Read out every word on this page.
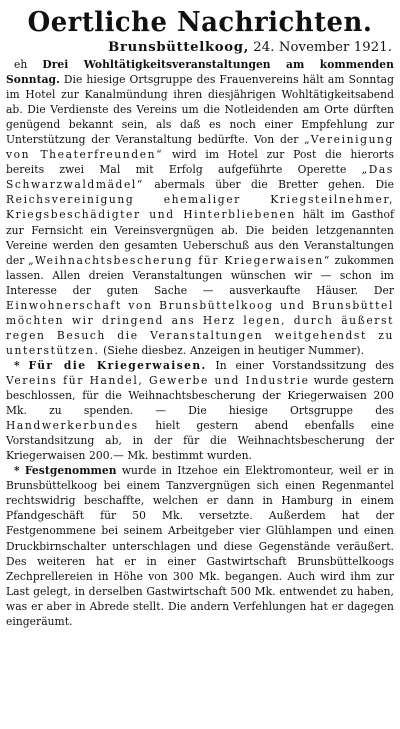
Oertliche Nachrichten.
Brunsbüttelkoog, 24. November 1921.

eh Drei Wohltätigkeitsveranstaltungen am kommenden Sonntag. Die hiesige Ortsgruppe des Frauenvereins hält am Sonntag im Hotel zur Kanalmündung ihren diesjährigen Wohltätigkeitsabend ab. Die Verdienste des Vereins um die Notleidenden am Orte dürften genügend bekannt sein, als daß es noch einer Empfehlung zur Unterstützung der Veranstaltung bedürfte. Von der „Vereinigung von Theaterfreunden“ wird im Hotel zur Post die hierorts bereits zwei Mal mit Erfolg aufgeführte Operette „Das Schwarzwaldmädel“ abermals über die Bretter gehen. Die Reichsvereinigung ehemaliger Kriegsteilnehmer, Kriegsbeschädigter und Hinterbliebenen hält im Gasthof zur Fernsicht ein Vereinsvergnügen ab. Die beiden letzgenannten Vereine werden den gesamten Ueberschuß aus den Veranstaltungen der „Weihnachtsbescherung für Kriegerwaisen“ zukommen lassen. Allen dreien Veranstaltungen wünschen wir — schon im Interesse der guten Sache — ausverkaufte Häuser. Der Einwohnerschaft von Brunsbüttelkoog und Brunsbüttel möchten wir dringend ans Herz legen, durch äußerst regen Besuch die Veranstaltungen weitgehendst zu unterstützen. (Siehe diesbez. Anzeigen in heutiger Nummer).

* Für die Kriegerwaisen. In einer Vorstandssitzung des Vereins für Handel, Gewerbe und Industrie wurde gestern beschlossen, für die Weihnachtsbescherung der Kriegerwaisen 200 Mk. zu spenden. — Die hiesige Ortsgruppe des Handwerkerbundes hielt gestern abend ebenfalls eine Vorstandsitzung ab, in der für die Weihnachtsbescherung der Kriegerwaisen 200.— Mk. bestimmt wurden.

* Festgenommen wurde in Itzehoe ein Elektromonteur, weil er in Brunsbüttelkoog bei einem Tanzvergnügen sich einen Regenmantel rechtswidrig beschaffte, welchen er dann in Hamburg in einem Pfandgeschäft für 50 Mk. versetzte. Außerdem hat der Festgenommene bei seinem Arbeitgeber vier Glühlampen und einen Druckbirnschalter unterschlagen und diese Gegenstände veräußert. Des weiteren hat er in einer Gastwirtschaft Brunsbüttelkoogs Zechprellereien in Höhe von 300 Mk. begangen. Auch wird ihm zur Last gelegt, in derselben Gastwirtschaft 500 Mk. entwendet zu haben, was er aber in Abrede stellt. Die andern Verfehlungen hat er dagegen eingeräumt.
